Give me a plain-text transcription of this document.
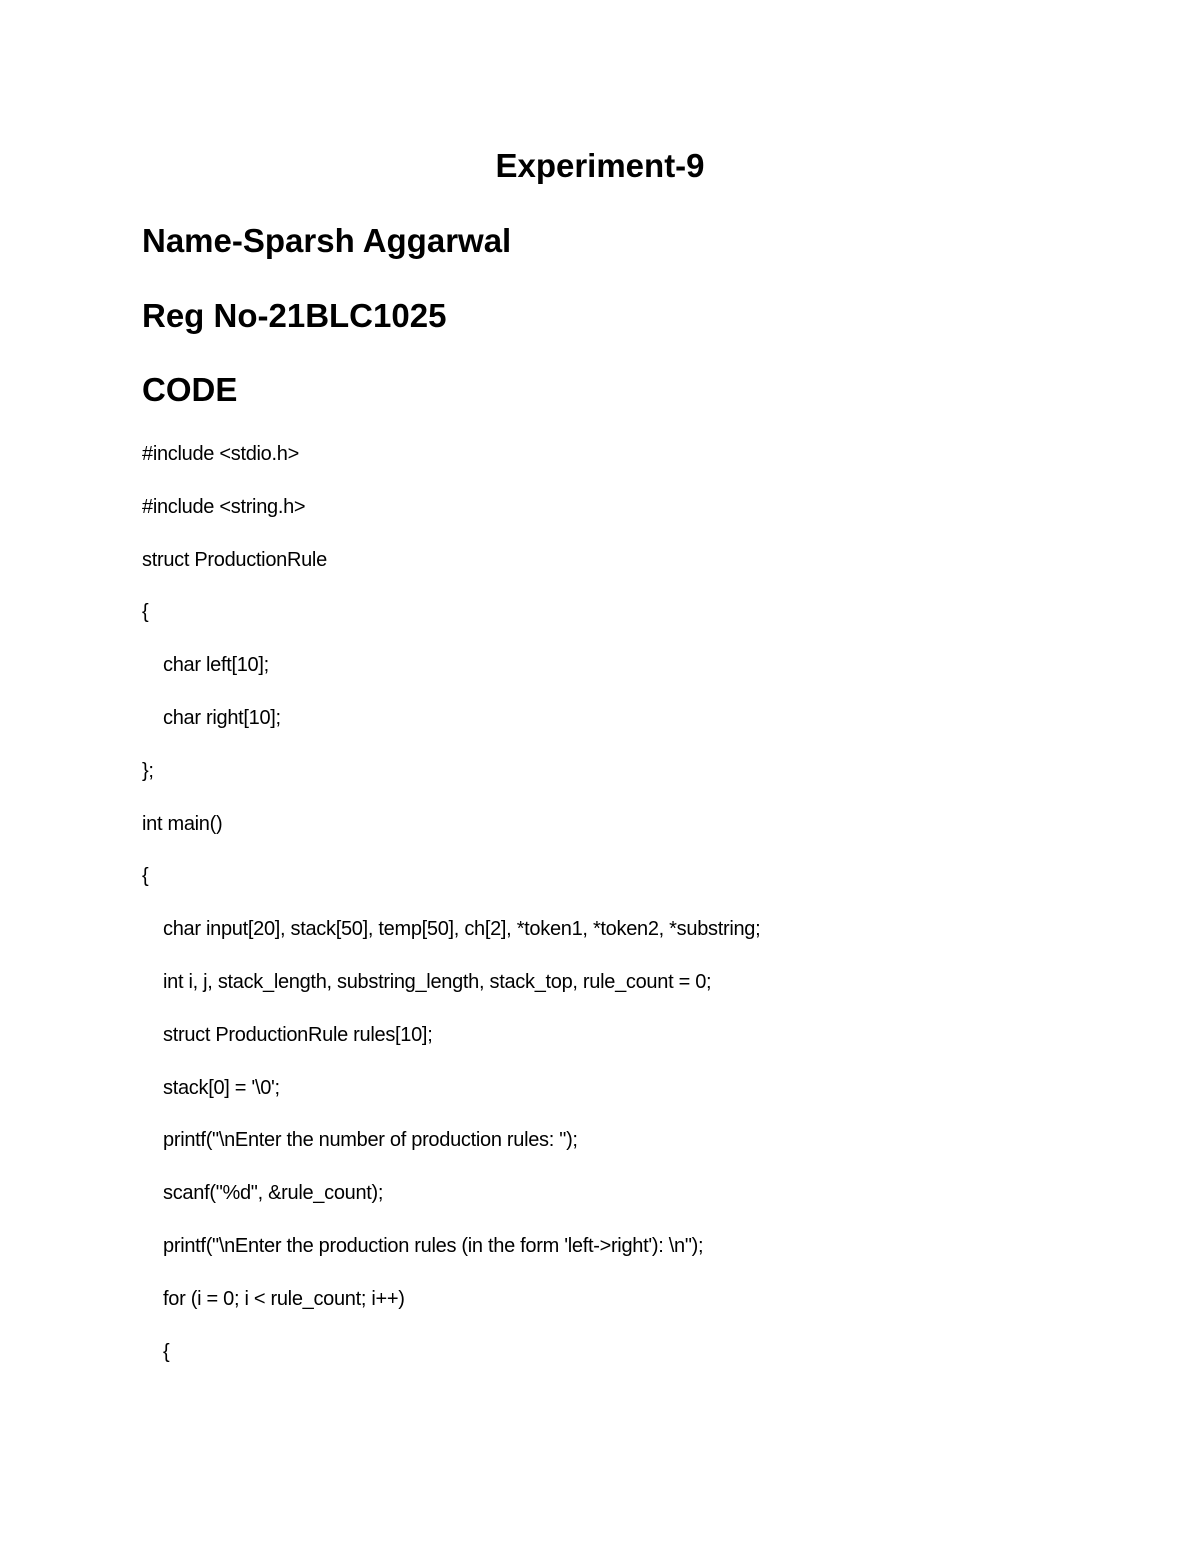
Experiment-9
Name-Sparsh Aggarwal
Reg No-21BLC1025
CODE
#include <stdio.h>
#include <string.h>
struct ProductionRule
{
char left[10];
char right[10];
};
int main()
{
char input[20], stack[50], temp[50], ch[2], *token1, *token2, *substring;
int i, j, stack_length, substring_length, stack_top, rule_count = 0;
struct ProductionRule rules[10];
stack[0] = '\0';
printf("\nEnter the number of production rules: ");
scanf("%d", &rule_count);
printf("\nEnter the production rules (in the form 'left->right'): \n");
for (i = 0; i < rule_count; i++)
{
